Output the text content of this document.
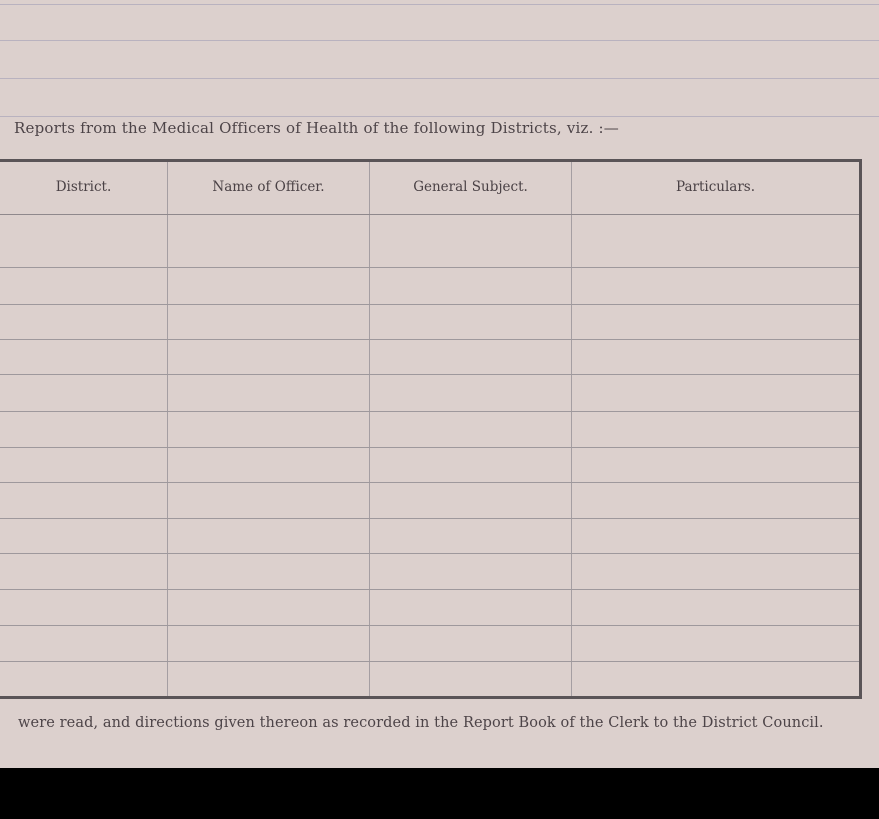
Reports from the Medical Officers of Health of the following Districts, viz. :—
District.	Name of Officer.	General Subject.	Particulars.
were read, and directions given thereon as recorded in the Report Book of the Clerk to the District Council.
